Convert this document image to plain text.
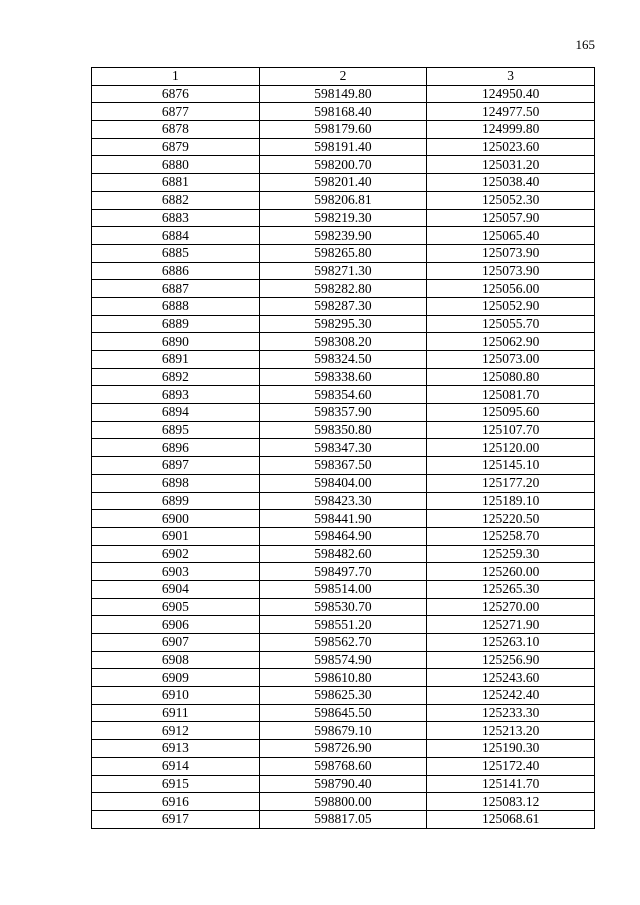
165
1	2	3
6876	598149.80	124950.40
6877	598168.40	124977.50
6878	598179.60	124999.80
6879	598191.40	125023.60
6880	598200.70	125031.20
6881	598201.40	125038.40
6882	598206.81	125052.30
6883	598219.30	125057.90
6884	598239.90	125065.40
6885	598265.80	125073.90
6886	598271.30	125073.90
6887	598282.80	125056.00
6888	598287.30	125052.90
6889	598295.30	125055.70
6890	598308.20	125062.90
6891	598324.50	125073.00
6892	598338.60	125080.80
6893	598354.60	125081.70
6894	598357.90	125095.60
6895	598350.80	125107.70
6896	598347.30	125120.00
6897	598367.50	125145.10
6898	598404.00	125177.20
6899	598423.30	125189.10
6900	598441.90	125220.50
6901	598464.90	125258.70
6902	598482.60	125259.30
6903	598497.70	125260.00
6904	598514.00	125265.30
6905	598530.70	125270.00
6906	598551.20	125271.90
6907	598562.70	125263.10
6908	598574.90	125256.90
6909	598610.80	125243.60
6910	598625.30	125242.40
6911	598645.50	125233.30
6912	598679.10	125213.20
6913	598726.90	125190.30
6914	598768.60	125172.40
6915	598790.40	125141.70
6916	598800.00	125083.12
6917	598817.05	125068.61
